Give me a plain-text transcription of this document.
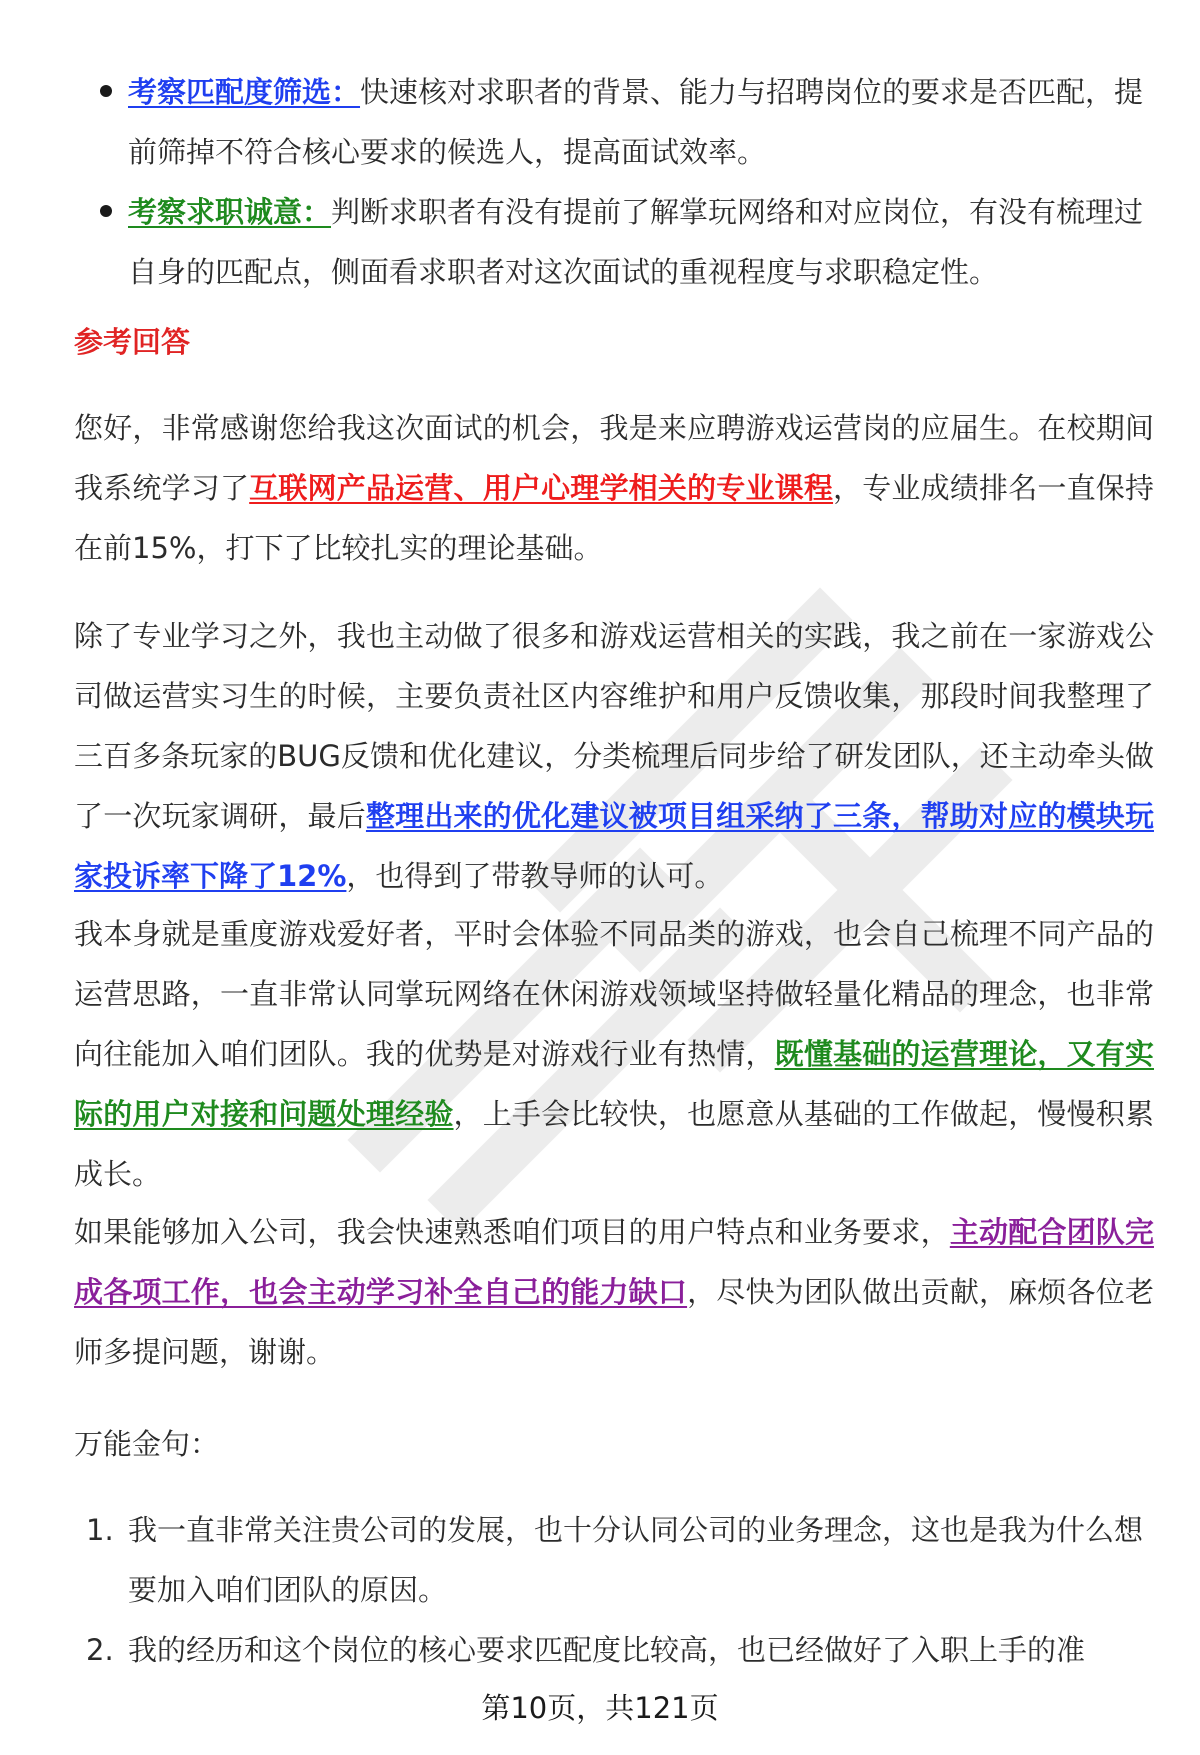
考察匹配度筛选：快速核对求职者的背景、能力与招聘岗位的要求是否匹配，提前筛掉不符合核心要求的候选人，提高面试效率。
考察求职诚意：判断求职者有没有提前了解掌玩网络和对应岗位，有没有梳理过自身的匹配点，侧面看求职者对这次面试的重视程度与求职稳定性。
参考回答

您好，非常感谢您给我这次面试的机会，我是来应聘游戏运营岗的应届生。在校期间我系统学习了互联网产品运营、用户心理学相关的专业课程，专业成绩排名一直保持在前15%，打下了比较扎实的理论基础。

除了专业学习之外，我也主动做了很多和游戏运营相关的实践，我之前在一家游戏公司做运营实习生的时候，主要负责社区内容维护和用户反馈收集，那段时间我整理了三百多条玩家的BUG反馈和优化建议，分类梳理后同步给了研发团队，还主动牵头做了一次玩家调研，最后整理出来的优化建议被项目组采纳了三条，帮助对应的模块玩家投诉率下降了12%，也得到了带教导师的认可。

我本身就是重度游戏爱好者，平时会体验不同品类的游戏，也会自己梳理不同产品的运营思路，一直非常认同掌玩网络在休闲游戏领域坚持做轻量化精品的理念，也非常向往能加入咱们团队。我的优势是对游戏行业有热情，既懂基础的运营理论，又有实际的用户对接和问题处理经验，上手会比较快，也愿意从基础的工作做起，慢慢积累成长。

如果能够加入公司，我会快速熟悉咱们项目的用户特点和业务要求，主动配合团队完成各项工作，也会主动学习补全自己的能力缺口，尽快为团队做出贡献，麻烦各位老师多提问题，谢谢。

万能金句：
1. 我一直非常关注贵公司的发展，也十分认同公司的业务理念，这也是我为什么想要加入咱们团队的原因。
2. 我的经历和这个岗位的核心要求匹配度比较高，也已经做好了入职上手的准
第10页，共121页
